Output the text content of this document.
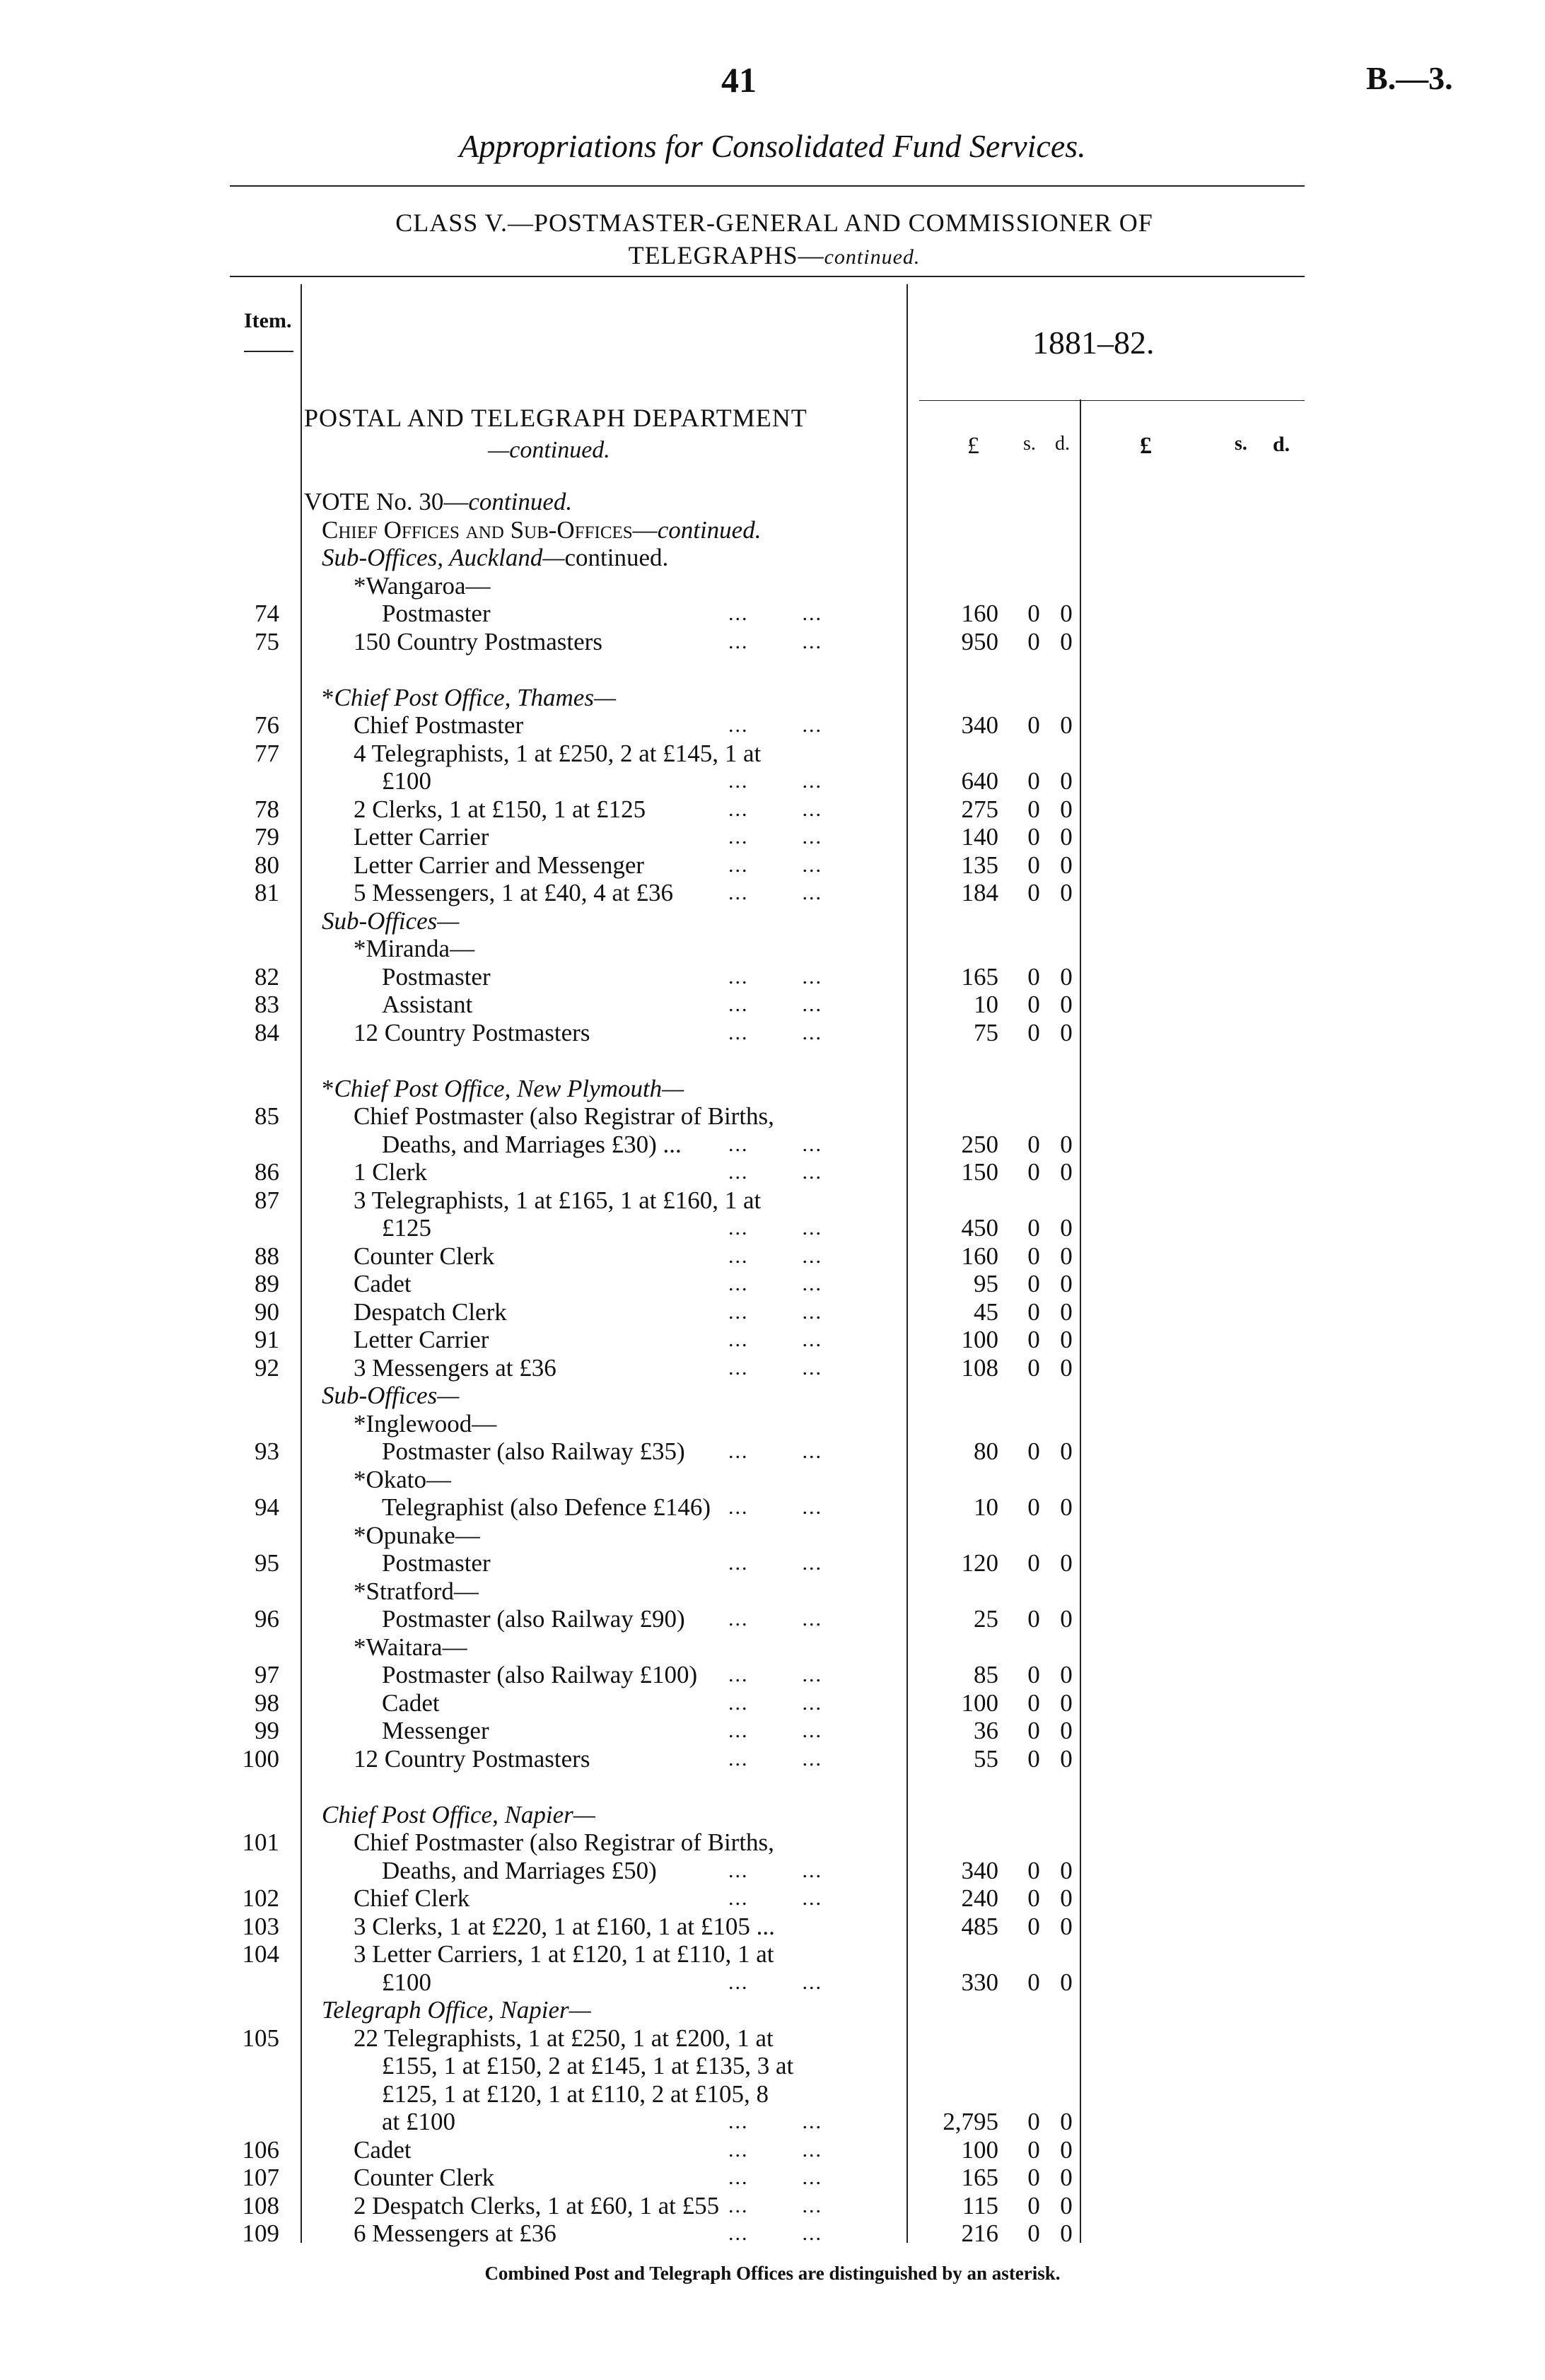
41	B.—3.
Appropriations for Consolidated Fund Services.
CLASS V.—POSTMASTER-GENERAL AND COMMISSIONER OF
TELEGRAPHS—continued.
Item.
1881–82.
POSTAL AND TELEGRAPH DEPARTMENT
—continued.	£ s. d.	£	s. d.
VOTE No. 30—continued.
Chief Offices and Sub-Offices—continued.
Sub-Offices, Auckland—continued.
*Wangaroa—
74	Postmaster	...        ...	160 0 0
75	150 Country Postmasters	...        ...	950 0 0
*Chief Post Office, Thames—
76	Chief Postmaster	...        ...	340 0 0
77	4 Telegraphists, 1 at £250, 2 at £145, 1 at
£100	...        ...	640 0 0
78	2 Clerks, 1 at £150, 1 at £125	...        ...	275 0 0
79	Letter Carrier	...        ...	140 0 0
80	Letter Carrier and Messenger	...        ...	135 0 0
81	5 Messengers, 1 at £40, 4 at £36	...        ...	184 0 0
Sub-Offices—
*Miranda—
82	Postmaster	...        ...	165 0 0
83	Assistant	...        ...	10 0 0
84	12 Country Postmasters	...        ...	75 0 0
*Chief Post Office, New Plymouth—
85	Chief Postmaster (also Registrar of Births,
Deaths, and Marriages £30) ... ...        ...	250 0 0
86	1 Clerk	...        ...	150 0 0
87	3 Telegraphists, 1 at £165, 1 at £160, 1 at
£125	...        ...	450 0 0
88	Counter Clerk	...        ...	160 0 0
89	Cadet	...        ...	95 0 0
90	Despatch Clerk	...        ...	45 0 0
91	Letter Carrier	...        ...	100 0 0
92	3 Messengers at £36	...        ...	108 0 0
Sub-Offices—
*Inglewood—
93	Postmaster (also Railway £35) ...        ...	80 0 0
*Okato—
94	Telegraphist (also Defence £146) ...        ...	10 0 0
*Opunake—
95	Postmaster	...        ...	120 0 0
*Stratford—
96	Postmaster (also Railway £90) ...        ...	25 0 0
*Waitara—
97	Postmaster (also Railway £100) ...        ...	85 0 0
98	Cadet	...        ...	100 0 0
99	Messenger	...        ...	36 0 0
100	12 Country Postmasters	...        ...	55 0 0
Chief Post Office, Napier—
101	Chief Postmaster (also Registrar of Births,
Deaths, and Marriages £50)	...        ...	340 0 0
102	Chief Clerk	...        ...	240 0 0
103	3 Clerks, 1 at £220, 1 at £160, 1 at £105 ...	485 0 0
104	3 Letter Carriers, 1 at £120, 1 at £110, 1 at
£100	...        ...	330 0 0
Telegraph Office, Napier—
105	22 Telegraphists, 1 at £250, 1 at £200, 1 at
£155, 1 at £150, 2 at £145, 1 at £135, 3 at
£125, 1 at £120, 1 at £110, 2 at £105, 8
at £100	...        ...	2,795 0 0
106	Cadet	...        ...	100 0 0
107	Counter Clerk	...        ...	165 0 0
108	2 Despatch Clerks, 1 at £60, 1 at £55 ...        ...	115 0 0
109	6 Messengers at £36	...        ...	216 0 0
Combined Post and Telegraph Offices are distinguished by an asterisk.
